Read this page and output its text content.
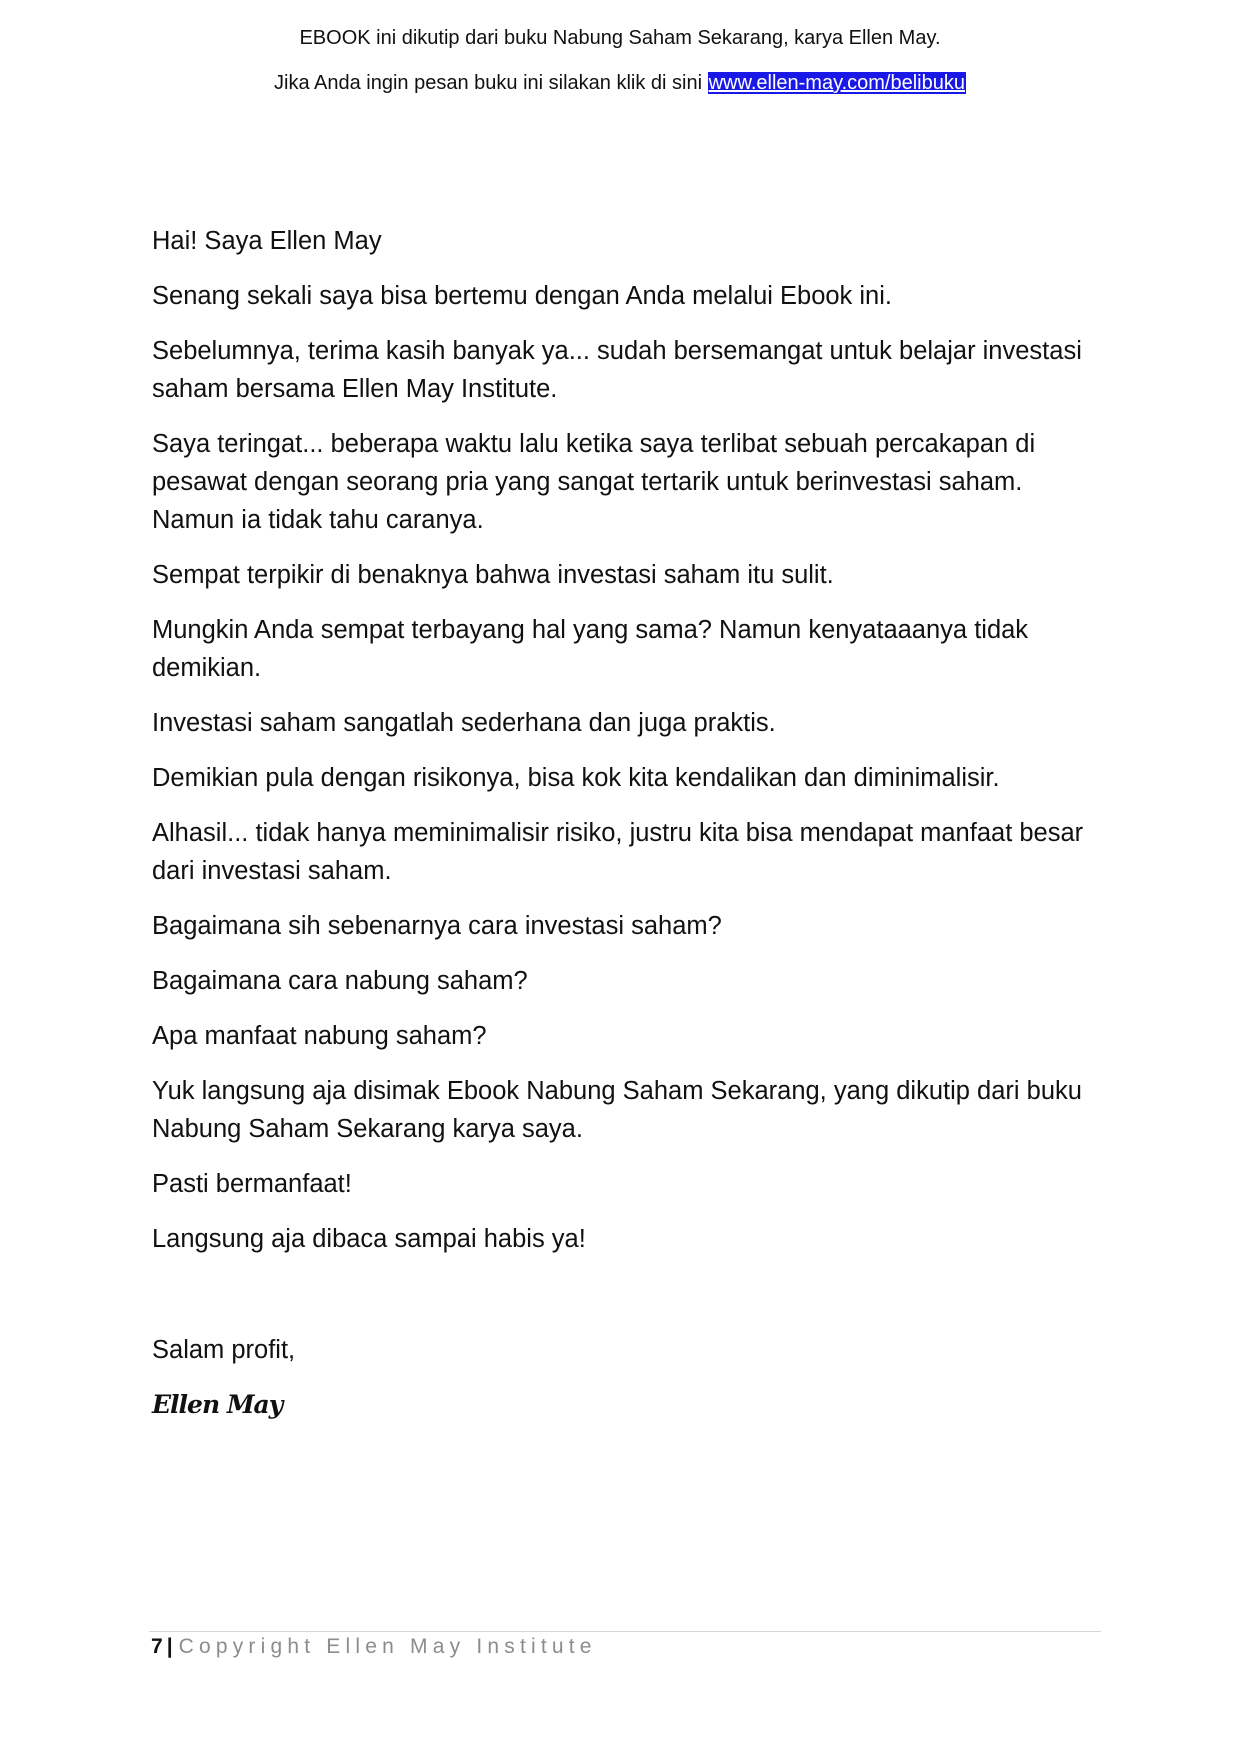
EBOOK ini dikutip dari buku Nabung Saham Sekarang, karya Ellen May.

Jika Anda ingin pesan buku ini silakan klik di sini www.ellen-may.com/belibuku

Hai! Saya Ellen May

Senang sekali saya bisa bertemu dengan Anda melalui Ebook ini.

Sebelumnya, terima kasih banyak ya... sudah bersemangat untuk belajar investasi saham bersama Ellen May Institute.

Saya teringat... beberapa waktu lalu ketika saya terlibat sebuah percakapan di pesawat dengan seorang pria yang sangat tertarik untuk berinvestasi saham. Namun ia tidak tahu caranya.

Sempat terpikir di benaknya bahwa investasi saham itu sulit.

Mungkin Anda sempat terbayang hal yang sama? Namun kenyataaanya tidak demikian.

Investasi saham sangatlah sederhana dan juga praktis.

Demikian pula dengan risikonya, bisa kok kita kendalikan dan diminimalisir.

Alhasil... tidak hanya meminimalisir risiko, justru kita bisa mendapat manfaat besar dari investasi saham.

Bagaimana sih sebenarnya cara investasi saham?

Bagaimana cara nabung saham?

Apa manfaat nabung saham?

Yuk langsung aja disimak Ebook Nabung Saham Sekarang, yang dikutip dari buku Nabung Saham Sekarang karya saya.

Pasti bermanfaat!

Langsung aja dibaca sampai habis ya!

Salam profit,

Ellen May

7 | Copyright Ellen May Institute
